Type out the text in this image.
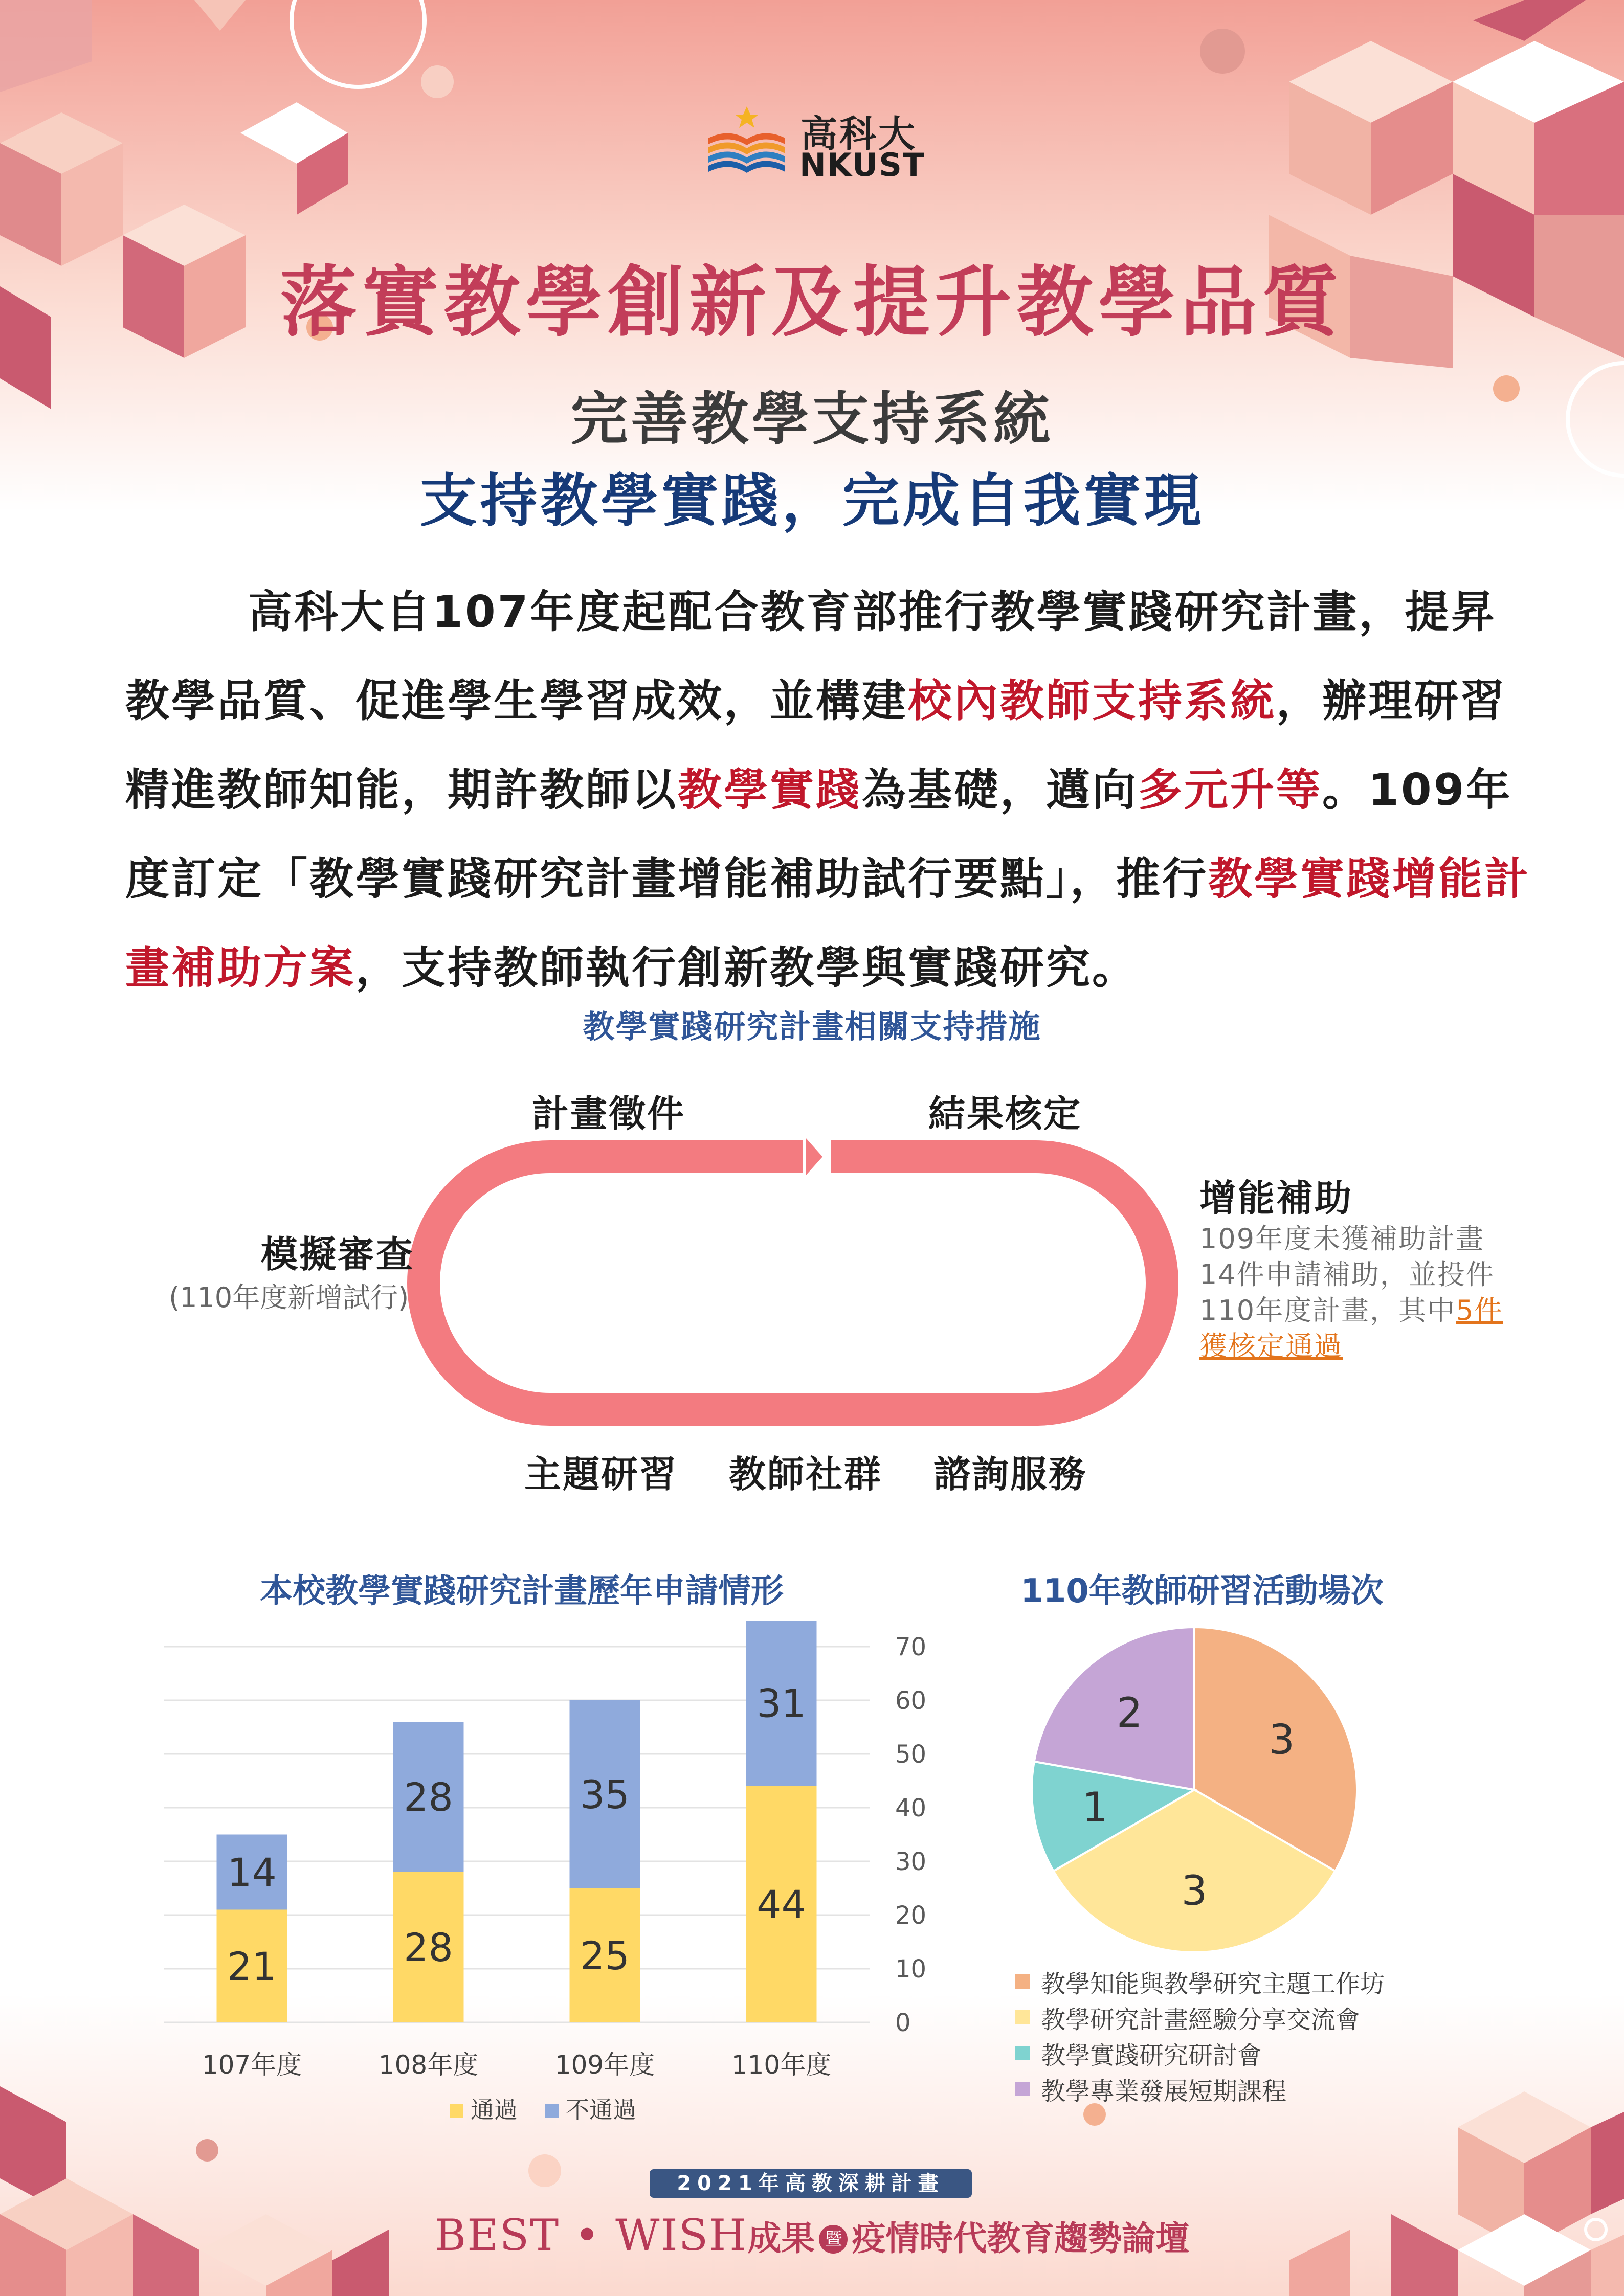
高科大
NKUST
落實教學創新及提升教學品質
完善教學支持系統
支持教學實踐，完成自我實現
高科大自107年度起配合教育部推行教學實踐研究計畫，提昇教學品質、促進學生學習成效，並構建校內教師支持系統，辦理研習精進教師知能，期許教師以教學實踐為基礎，邁向多元升等。109年度訂定「教學實踐研究計畫增能補助試行要點」，推行教學實踐增能計畫補助方案，支持教師執行創新教學與實踐研究。
教學實踐研究計畫相關支持措施
計畫徵件	結果核定
模擬審查
(110年度新增試行)
增能補助
109年度未獲補助計畫14件申請補助，並投件110年度計畫，其中5件獲核定通過
主題研習 教師社群 諮詢服務
本校教學實踐研究計畫歷年申請情形	110年教師研習活動場次
0
10
20
30
40
50
60
70
21
14
107年度
28
28
108年度
25
35
109年度
44
31
110年度
通過 不通過
3
3
1
2
教學知能與教學研究主題工作坊
教學研究計畫經驗分享交流會
教學實踐研究研討會
教學專業發展短期課程
2021年高教深耕計畫
BEST • WISH成果 暨 疫情時代教育趨勢論壇
